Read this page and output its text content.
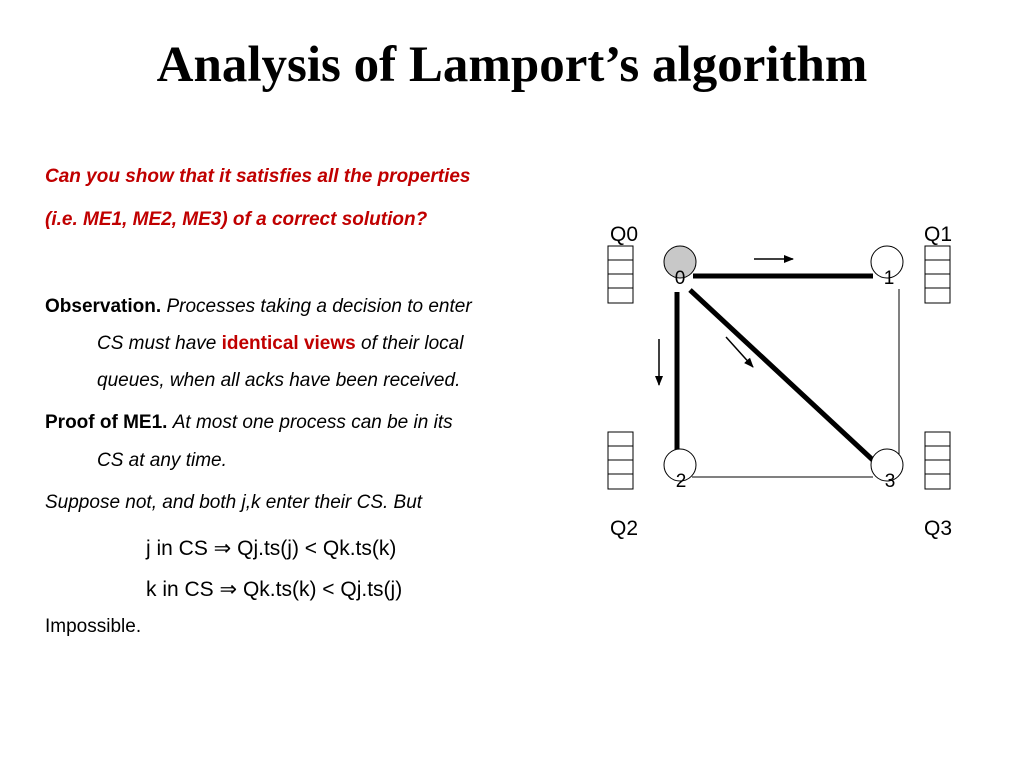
Analysis of Lamport’s algorithm
Can you show that it satisfies all the properties
(i.e. ME1, ME2, ME3) of a correct solution?
Observation. Processes taking a decision to enter
CS must have identical views of their local
queues, when all acks have been received.
Proof of ME1. At most one process can be in its
CS at any time.
Suppose not, and both j,k enter their CS. But
j in CS ⇒ Qj.ts(j) < Qk.ts(k)
k in CS ⇒ Qk.ts(k) < Qj.ts(j)
Impossible.
0	1
2	3
Q0	Q1
Q2	Q3
